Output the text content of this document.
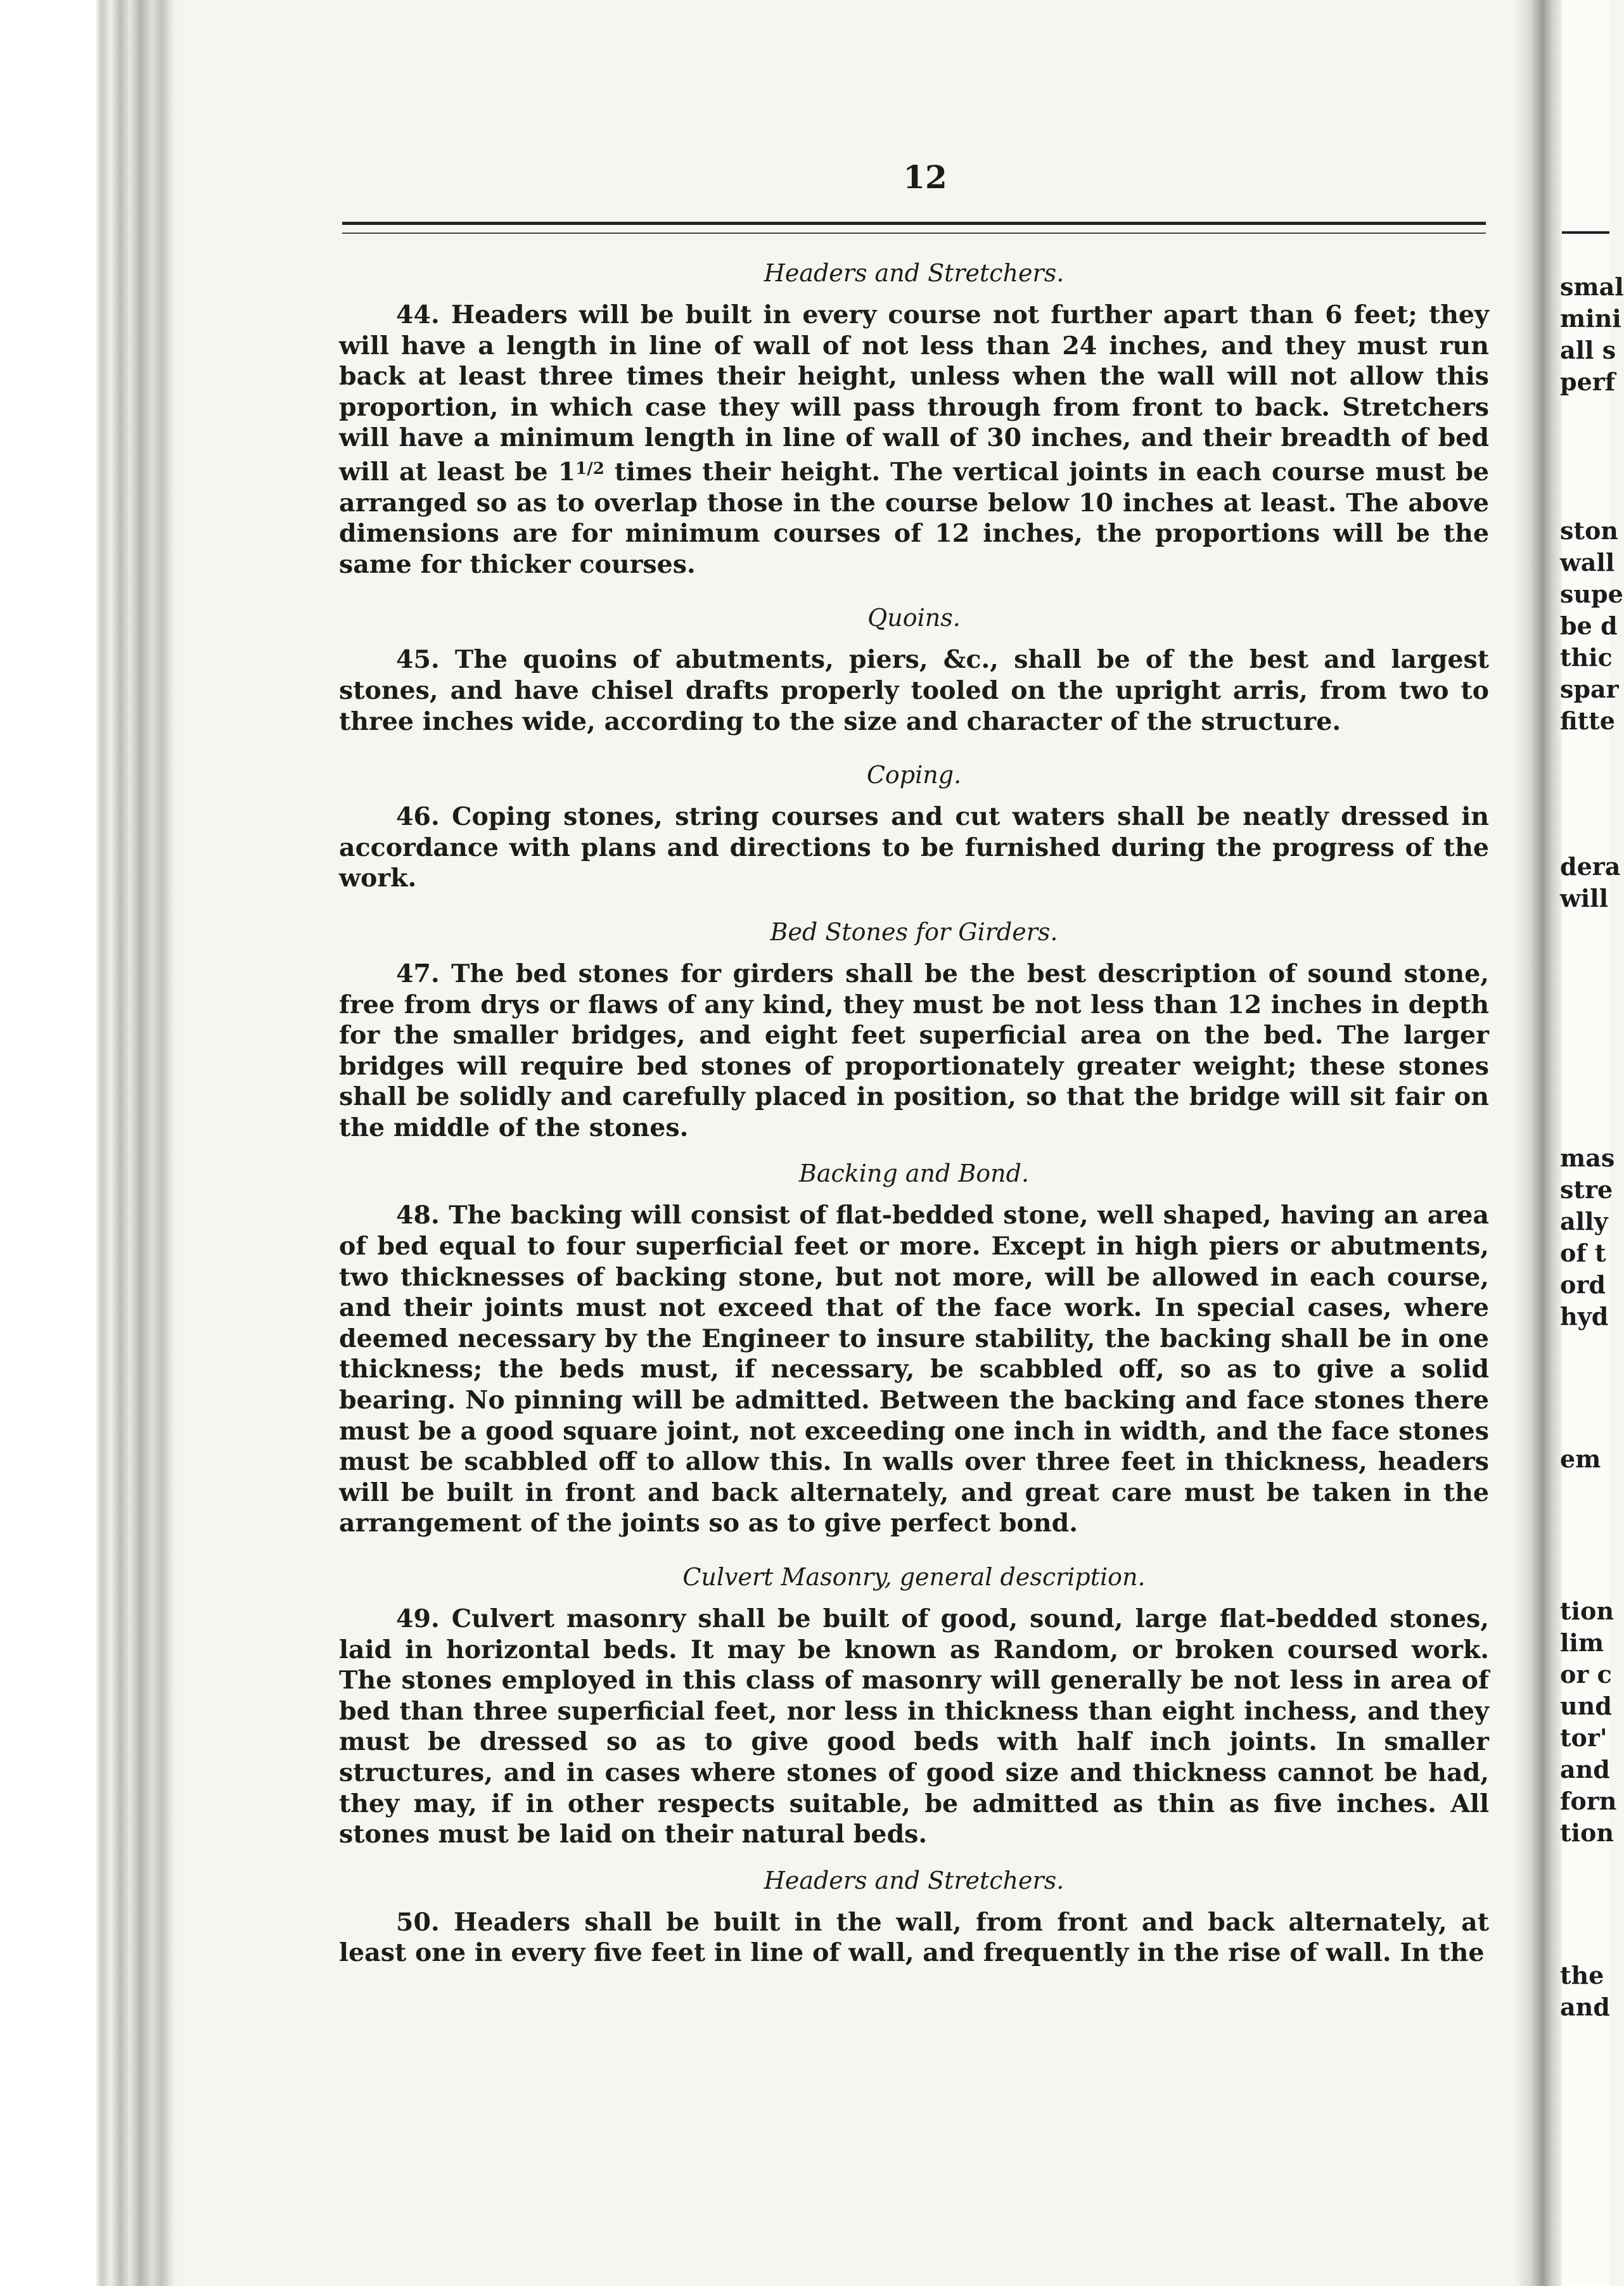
12
Headers and Stretchers.

44. Headers will be built in every course not further apart than 6 feet; they will have a length in line of wall of not less than 24 inches, and they must run back at least three times their height, unless when the wall will not allow this proportion, in which case they will pass through from front to back. Stretchers will have a minimum length in line of wall of 30 inches, and their breadth of bed will at least be $1^{1/2}$ times their height. The vertical joints in each course must be arranged so as to overlap those in the course below 10 inches at least. The above dimensions are for minimum courses of 12 inches, the proportions will be the same for thicker courses.

Quoins.

45. The quoins of abutments, piers, &c., shall be of the best and largest stones, and have chisel drafts properly tooled on the upright arris, from two to three inches wide, according to the size and character of the structure.

Coping.

46. Coping stones, string courses and cut waters shall be neatly dressed in accordance with plans and directions to be furnished during the progress of the work.

Bed Stones for Girders.

47. The bed stones for girders shall be the best description of sound stone, free from drys or flaws of any kind, they must be not less than 12 inches in depth for the smaller bridges, and eight feet superficial area on the bed. The larger bridges will require bed stones of proportionately greater weight; these stones shall be solidly and carefully placed in position, so that the bridge will sit fair on the middle of the stones.

Backing and Bond.

48. The backing will consist of flat-bedded stone, well shaped, having an area of bed equal to four superficial feet or more. Except in high piers or abutments, two thicknesses of backing stone, but not more, will be allowed in each course, and their joints must not exceed that of the face work. In special cases, where deemed necessary by the Engineer to insure stability, the backing shall be in one thickness; the beds must, if necessary, be scabbled off, so as to give a solid bearing. No pinning will be admitted. Between the backing and face stones there must be a good square joint, not exceeding one inch in width, and the face stones must be scabbled off to allow this. In walls over three feet in thickness, headers will be built in front and back alternately, and great care must be taken in the arrangement of the joints so as to give perfect bond.

Culvert Masonry, general description.

49. Culvert masonry shall be built of good, sound, large flat-bedded stones, laid in horizontal beds. It may be known as Random, or broken coursed work. The stones employed in this class of masonry will generally be not less in area of bed than three superficial feet, nor less in thickness than eight inchess, and they must be dressed so as to give good beds with half inch joints. In smaller structures, and in cases where stones of good size and thickness cannot be had, they may, if in other respects suitable, be admitted as thin as five inches. All stones must be laid on their natural beds.

Headers and Stretchers.

50. Headers shall be built in the wall, from front and back alternately, at least one in every five feet in line of wall, and frequently in the rise of wall. In the

smal
mini
all s
perf
ston
wall
supe
be d
thic
spar
fitte
dera
will
mas
stre
ally
of t
ord
hyd
em
tion
lim
or c
und
tor'
and
forn
tion
the
and
